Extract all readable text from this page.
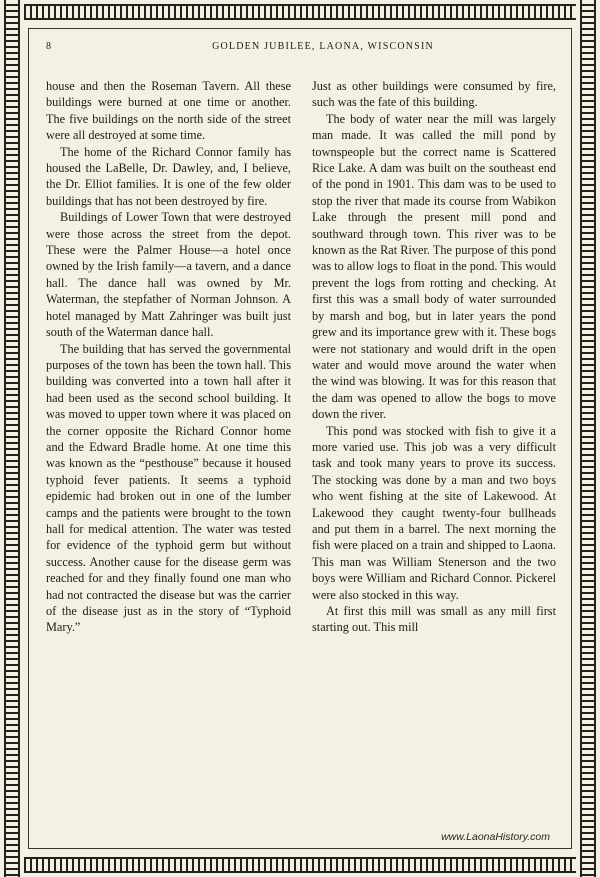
8	GOLDEN JUBILEE, LAONA, WISCONSIN

house and then the Roseman Tavern. All these buildings were burned at one time or another. The five buildings on the north side of the street were all destroyed at some time.

The home of the Richard Connor family has housed the LaBelle, Dr. Dawley, and, I believe, the Dr. Elliot families. It is one of the few older buildings that has not been destroyed by fire.

Buildings of Lower Town that were destroyed were those across the street from the depot. These were the Palmer House—a hotel once owned by the Irish family—a tavern, and a dance hall. The dance hall was owned by Mr. Waterman, the stepfather of Norman Johnson. A hotel managed by Matt Zahringer was built just south of the Waterman dance hall.

The building that has served the governmental purposes of the town has been the town hall. This building was converted into a town hall after it had been used as the second school building. It was moved to upper town where it was placed on the corner opposite the Richard Connor home and the Edward Bradle home. At one time this was known as the “pesthouse” because it housed typhoid fever patients. It seems a typhoid epidemic had broken out in one of the lumber camps and the patients were brought to the town hall for medical attention. The water was tested for evidence of the typhoid germ but without success. Another cause for the disease germ was reached for and they finally found one man who had not contracted the disease but was the carrier of the disease just as in the story of “Typhoid Mary.”

Just as other buildings were consumed by fire, such was the fate of this building.

The body of water near the mill was largely man made. It was called the mill pond by townspeople but the correct name is Scattered Rice Lake. A dam was built on the southeast end of the pond in 1901. This dam was to be used to stop the river that made its course from Wabikon Lake through the present mill pond and southward through town. This river was to be known as the Rat River. The purpose of this pond was to allow logs to float in the pond. This would prevent the logs from rotting and checking. At first this was a small body of water surrounded by marsh and bog, but in later years the pond grew and its importance grew with it. These bogs were not stationary and would drift in the open water and would move around the water when the wind was blowing. It was for this reason that the dam was opened to allow the bogs to move down the river.

This pond was stocked with fish to give it a more varied use. This job was a very difficult task and took many years to prove its success. The stocking was done by a man and two boys who went fishing at the site of Lakewood. At Lakewood they caught twenty-four bullheads and put them in a barrel. The next morning the fish were placed on a train and shipped to Laona. This man was William Stenerson and the two boys were William and Richard Connor. Pickerel were also stocked in this way.

At first this mill was small as any mill first starting out. This mill

www.LaonaHistory.com
